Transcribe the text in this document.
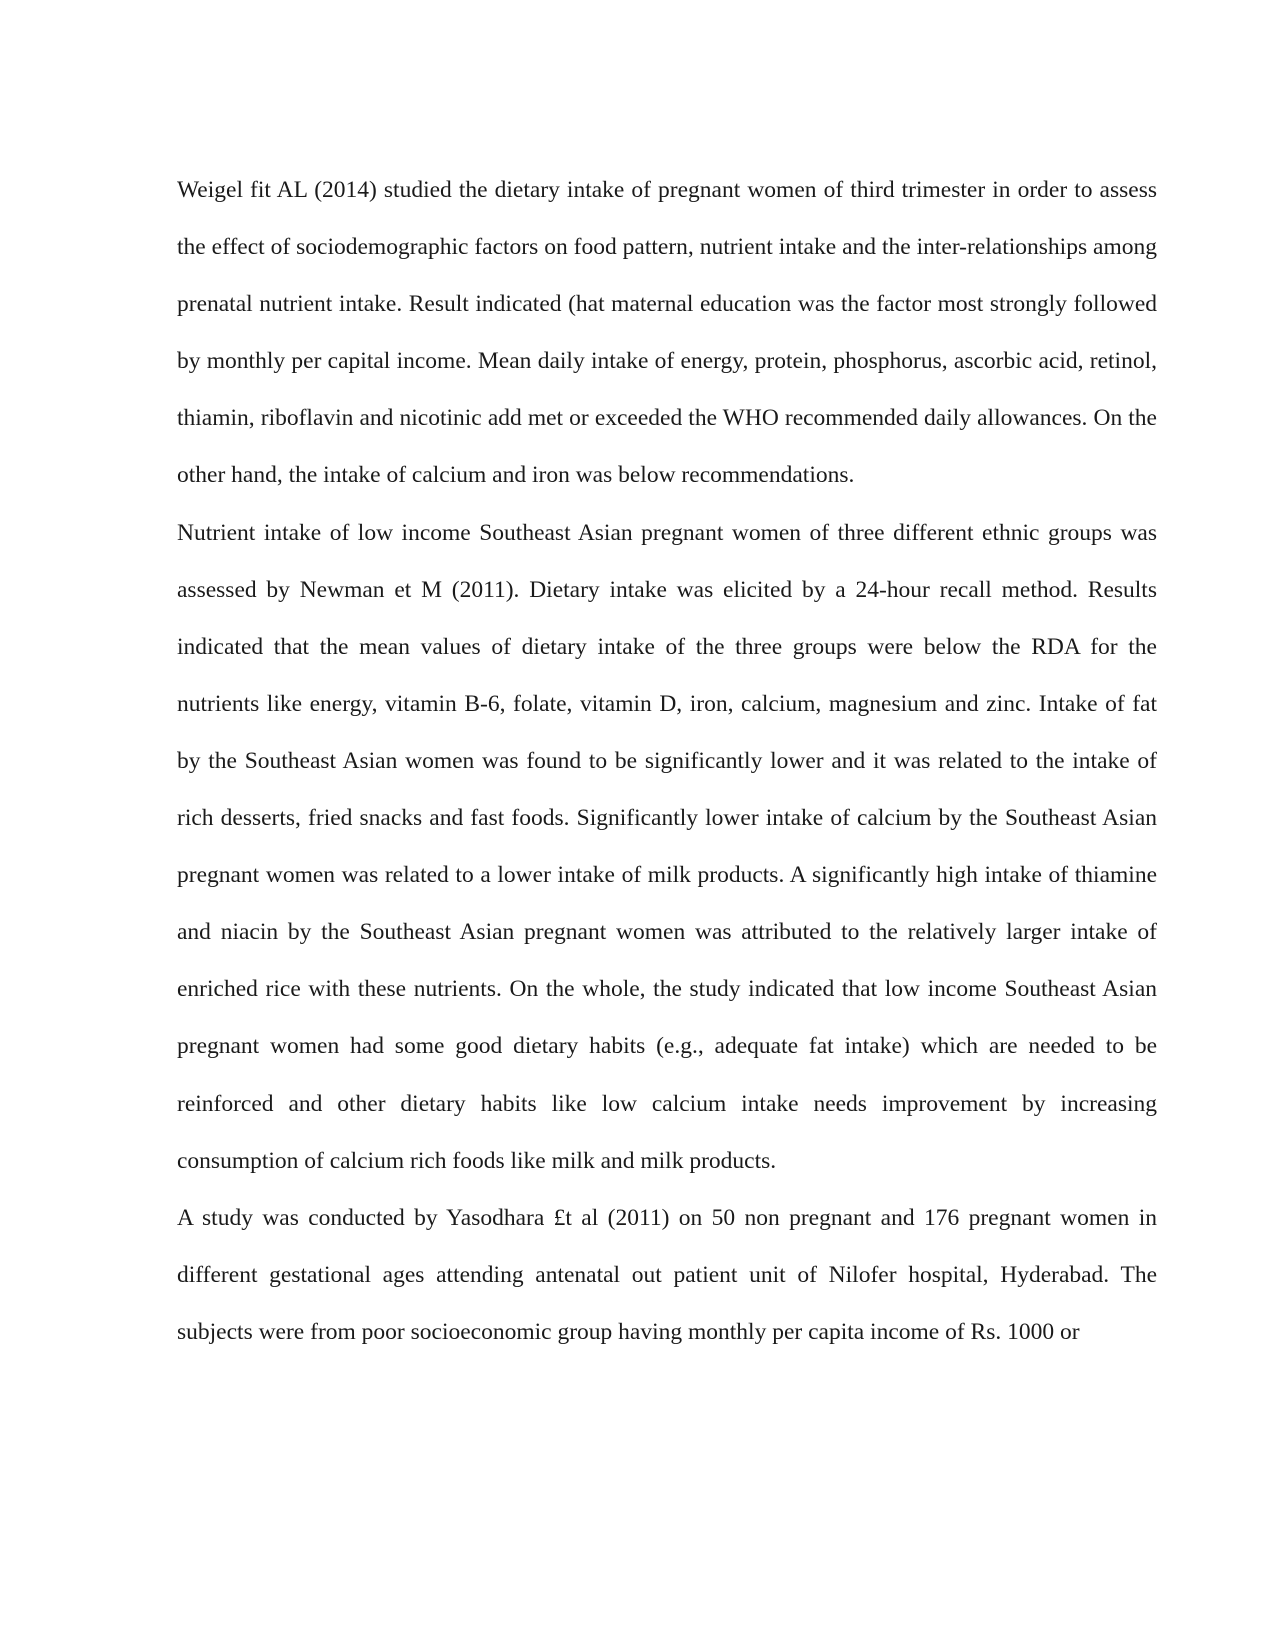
Weigel fit AL (2014) studied the dietary intake of pregnant women of third trimester in order to assess the effect of sociodemographic factors on food pattern, nutrient intake and the inter-relationships among prenatal nutrient intake. Result indicated (hat maternal education was the factor most strongly followed by monthly per capital income. Mean daily intake of energy, protein, phosphorus, ascorbic acid, retinol, thiamin, riboflavin and nicotinic add met or exceeded the WHO recommended daily allowances. On the other hand, the intake of calcium and iron was below recommendations.

Nutrient intake of low income Southeast Asian pregnant women of three different ethnic groups was assessed by Newman et M (2011). Dietary intake was elicited by a 24-hour recall method. Results indicated that the mean values of dietary intake of the three groups were below the RDA for the nutrients like energy, vitamin B-6, folate, vitamin D, iron, calcium, magnesium and zinc. Intake of fat by the Southeast Asian women was found to be significantly lower and it was related to the intake of rich desserts, fried snacks and fast foods. Significantly lower intake of calcium by the Southeast Asian pregnant women was related to a lower intake of milk products. A significantly high intake of thiamine and niacin by the Southeast Asian pregnant women was attributed to the relatively larger intake of enriched rice with these nutrients. On the whole, the study indicated that low income Southeast Asian pregnant women had some good dietary habits (e.g., adequate fat intake) which are needed to be reinforced and other dietary habits like low calcium intake needs improvement by increasing consumption of calcium rich foods like milk and milk products.

A study was conducted by Yasodhara £t al (2011) on 50 non pregnant and 176 pregnant women in different gestational ages attending antenatal out patient unit of Nilofer hospital, Hyderabad. The subjects were from poor socioeconomic group having monthly per capita income of Rs. 1000 or
